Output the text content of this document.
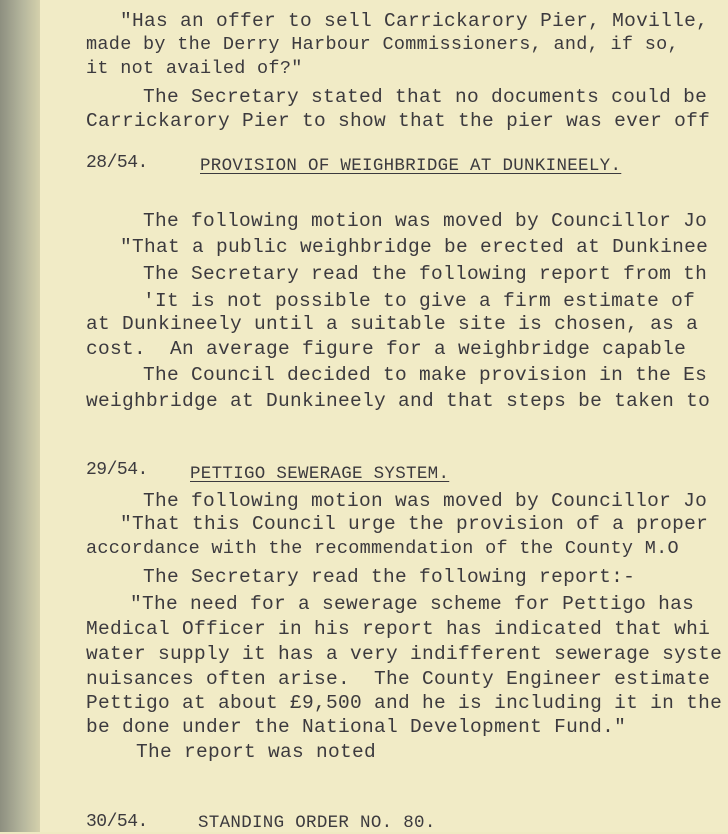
"Has an offer to sell Carrickarory Pier, Moville,
made by the Derry Harbour Commissioners, and, if so,
it not availed of?"
The Secretary stated that no documents could be
Carrickarory Pier to show that the pier was ever off
28/54.	PROVISION OF WEIGHBRIDGE AT DUNKINEELY.
The following motion was moved by Councillor Jo
"That a public weighbridge be erected at Dunkinee
The Secretary read the following report from th
'It is not possible to give a firm estimate of
at Dunkineely until a suitable site is chosen, as a
cost.  An average figure for a weighbridge capable
The Council decided to make provision in the Es
weighbridge at Dunkineely and that steps be taken to
29/54. PETTIGO SEWERAGE SYSTEM.
The following motion was moved by Councillor Jo
"That this Council urge the provision of a proper
accordance with the recommendation of the County M.O
The Secretary read the following report:-
"The need for a sewerage scheme for Pettigo has
Medical Officer in his report has indicated that whi
water supply it has a very indifferent sewerage syste
nuisances often arise.  The County Engineer estimate
Pettigo at about £9,500 and he is including it in the
be done under the National Development Fund."
The report was noted
30/54.	STANDING ORDER NO. 80.
